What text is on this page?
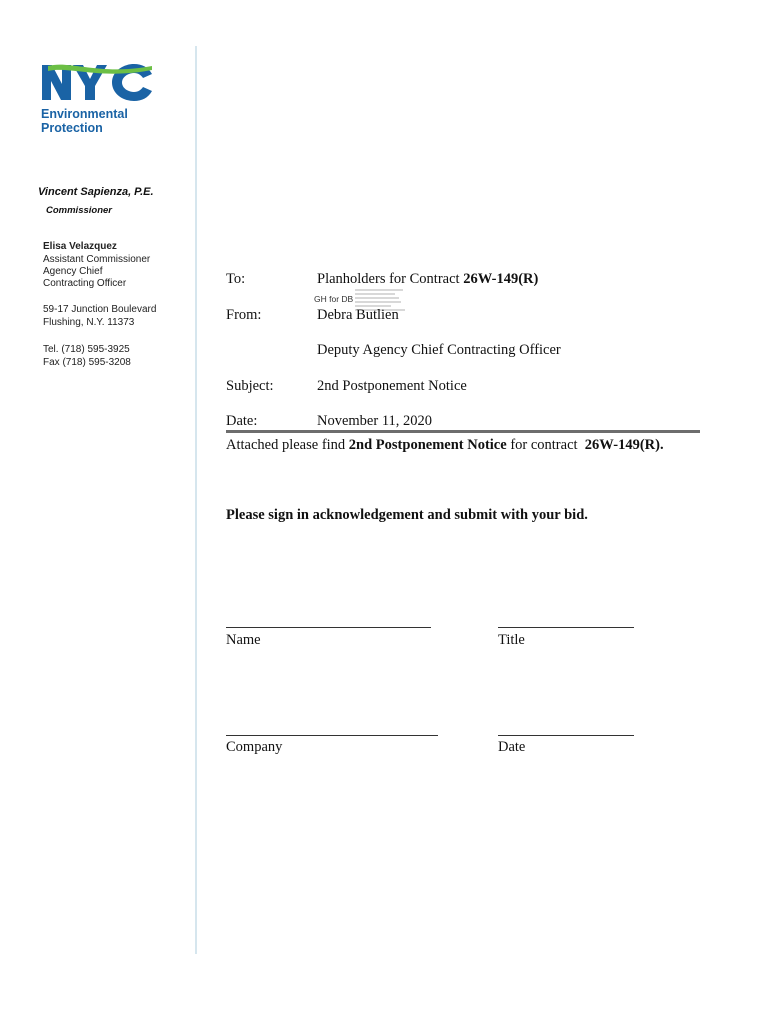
Environmental
Protection
Vincent Sapienza, P.E.
Commissioner
Elisa Velazquez
Assistant Commissioner
Agency Chief
Contracting Officer
59-17 Junction Boulevard
Flushing, N.Y. 11373
Tel. (718) 595-3925
Fax (718) 595-3208
To:	Planholders for Contract 26W-149(R)
GH for DB
From:	Debra Butlien
Deputy Agency Chief Contracting Officer
Subject:	2nd Postponement Notice
Date:	November 11, 2020
Attached please find 2nd Postponement Notice for contract  26W-149(R).
Please sign in acknowledgement and submit with your bid.
Name	Title
Company	Date
